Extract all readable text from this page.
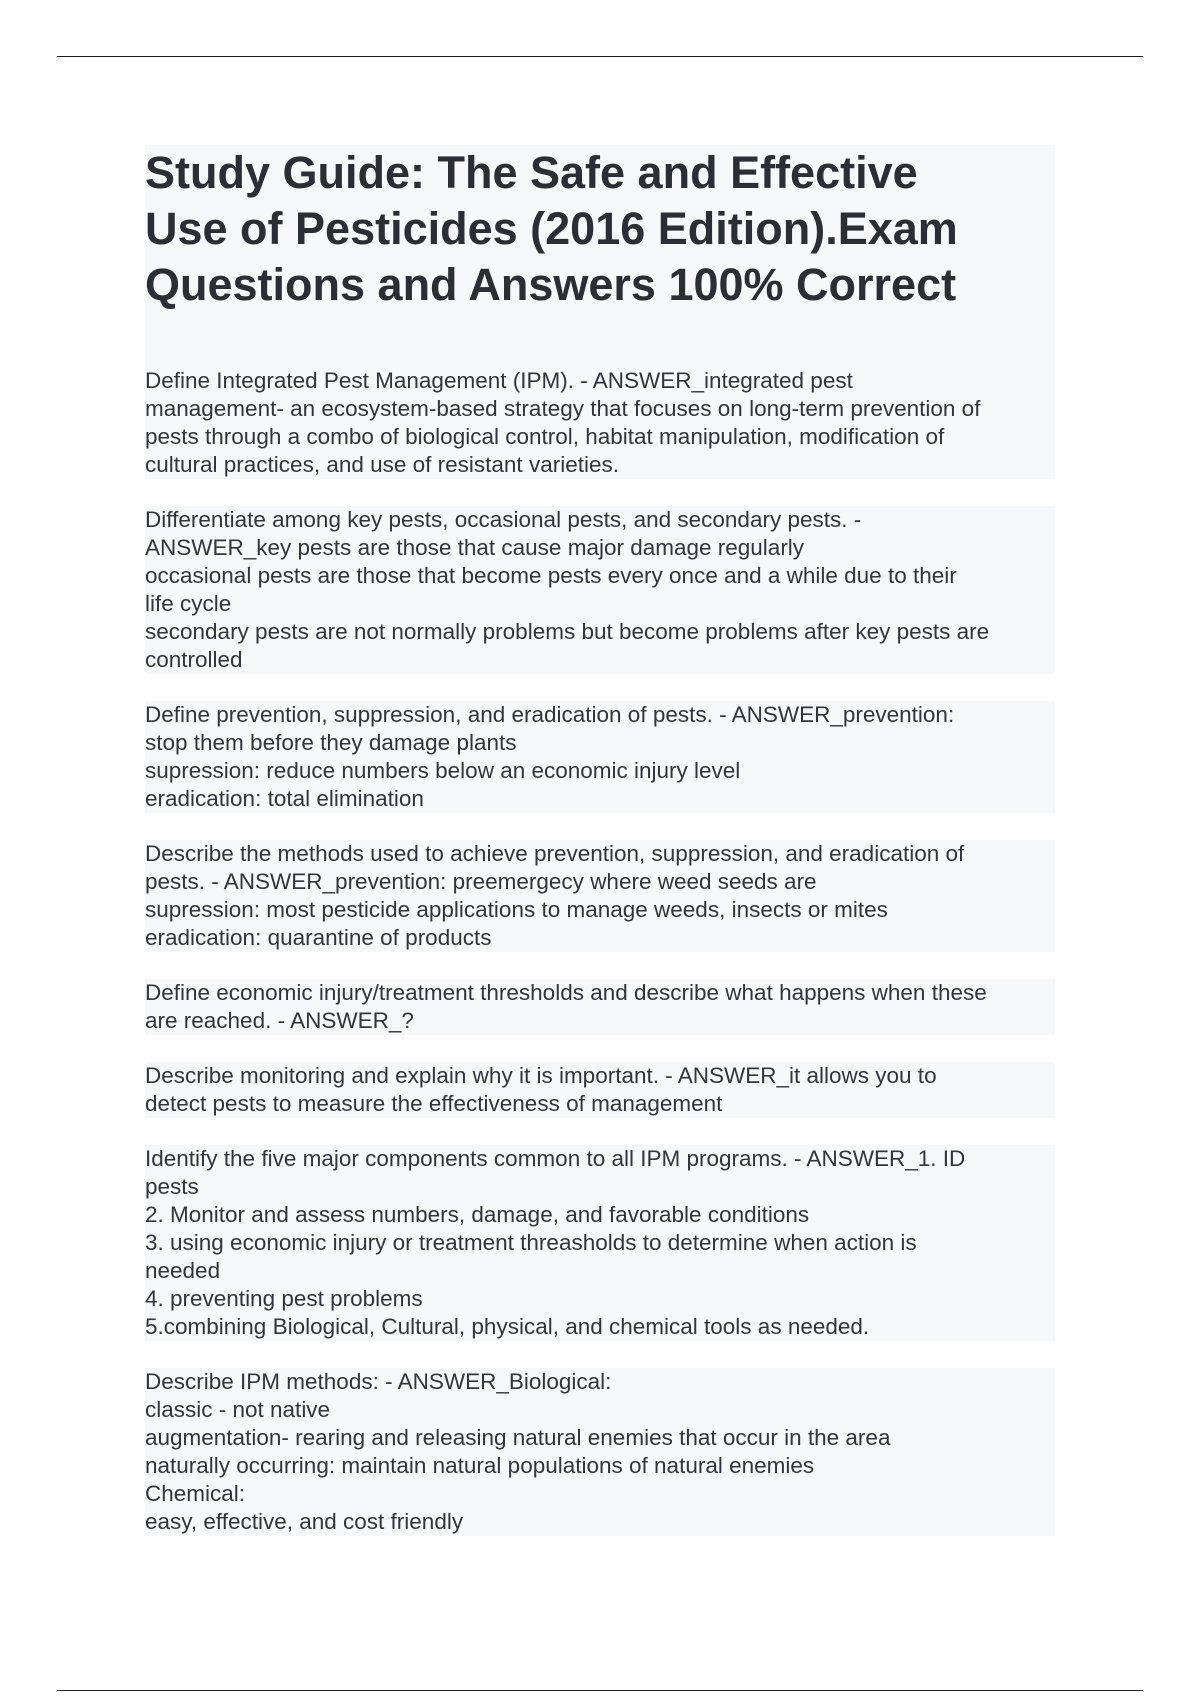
Study Guide: The Safe and Effective
Use of Pesticides (2016 Edition).Exam
Questions and Answers 100% Correct
Define Integrated Pest Management (IPM). - ANSWER_integrated pest
management- an ecosystem-based strategy that focuses on long-term prevention of
pests through a combo of biological control, habitat manipulation, modification of
cultural practices, and use of resistant varieties.
Differentiate among key pests, occasional pests, and secondary pests. -
ANSWER_key pests are those that cause major damage regularly
occasional pests are those that become pests every once and a while due to their
life cycle
secondary pests are not normally problems but become problems after key pests are
controlled
Define prevention, suppression, and eradication of pests. - ANSWER_prevention:
stop them before they damage plants
supression: reduce numbers below an economic injury level
eradication: total elimination
Describe the methods used to achieve prevention, suppression, and eradication of
pests. - ANSWER_prevention: preemergecy where weed seeds are
supression: most pesticide applications to manage weeds, insects or mites
eradication: quarantine of products
Define economic injury/treatment thresholds and describe what happens when these
are reached. - ANSWER_?
Describe monitoring and explain why it is important. - ANSWER_it allows you to
detect pests to measure the effectiveness of management
Identify the five major components common to all IPM programs. - ANSWER_1. ID
pests
2. Monitor and assess numbers, damage, and favorable conditions
3. using economic injury or treatment threasholds to determine when action is
needed
4. preventing pest problems
5.combining Biological, Cultural, physical, and chemical tools as needed.
Describe IPM methods: - ANSWER_Biological:
classic - not native
augmentation- rearing and releasing natural enemies that occur in the area
naturally occurring: maintain natural populations of natural enemies
Chemical:
easy, effective, and cost friendly
